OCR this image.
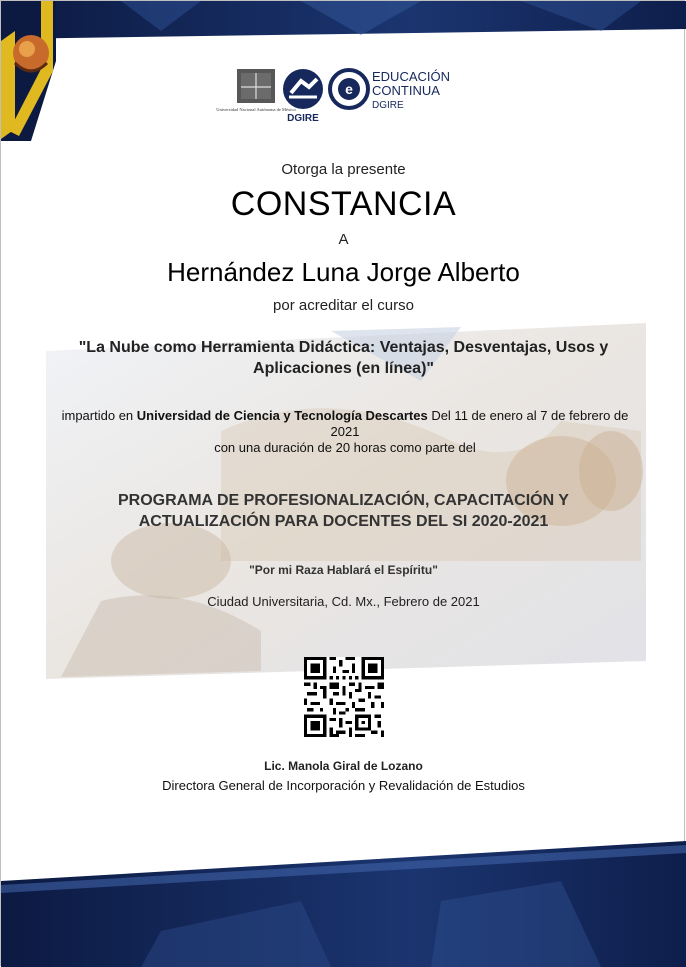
Universidad Nacional Autónoma de México
DGIRE
e
EDUCACIÓN
CONTINUA
DGIRE
Otorga la presente
CONSTANCIA
A
Hernández Luna Jorge Alberto
por acreditar el curso
"La Nube como Herramienta Didáctica: Ventajas, Desventajas, Usos y Aplicaciones (en línea)"
impartido en Universidad de Ciencia y Tecnología Descartes Del 11 de enero al 7 de febrero de 2021
con una duración de 20 horas como parte del
PROGRAMA DE PROFESIONALIZACIÓN, CAPACITACIÓN Y ACTUALIZACIÓN PARA DOCENTES DEL SI 2020-2021
"Por mi Raza Hablará el Espíritu"
Ciudad Universitaria, Cd. Mx., Febrero de 2021
Lic. Manola Giral de Lozano
Directora General de Incorporación y Revalidación de Estudios
